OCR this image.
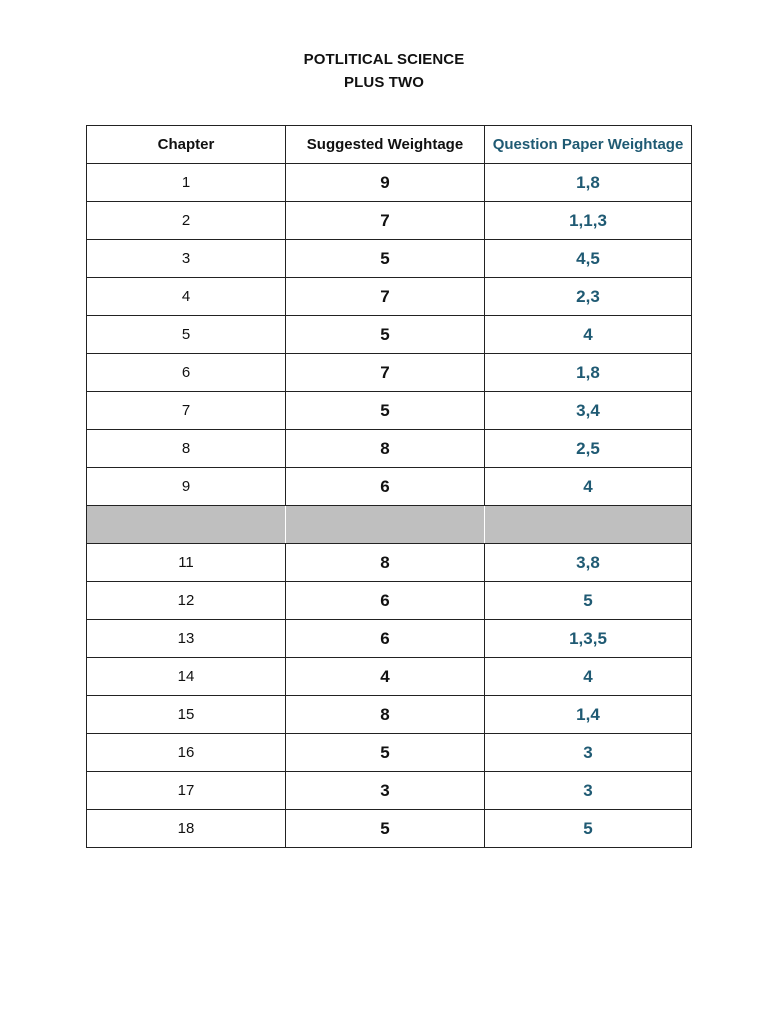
POTLITICAL SCIENCE
PLUS TWO
Chapter	Suggested Weightage	Question Paper Weightage
1	9	1,8
2	7	1,1,3
3	5	4,5
4	7	2,3
5	5	4
6	7	1,8
7	5	3,4
8	8	2,5
9	6	4

11	8	3,8
12	6	5
13	6	1,3,5
14	4	4
15	8	1,4
16	5	3
17	3	3
18	5	5
